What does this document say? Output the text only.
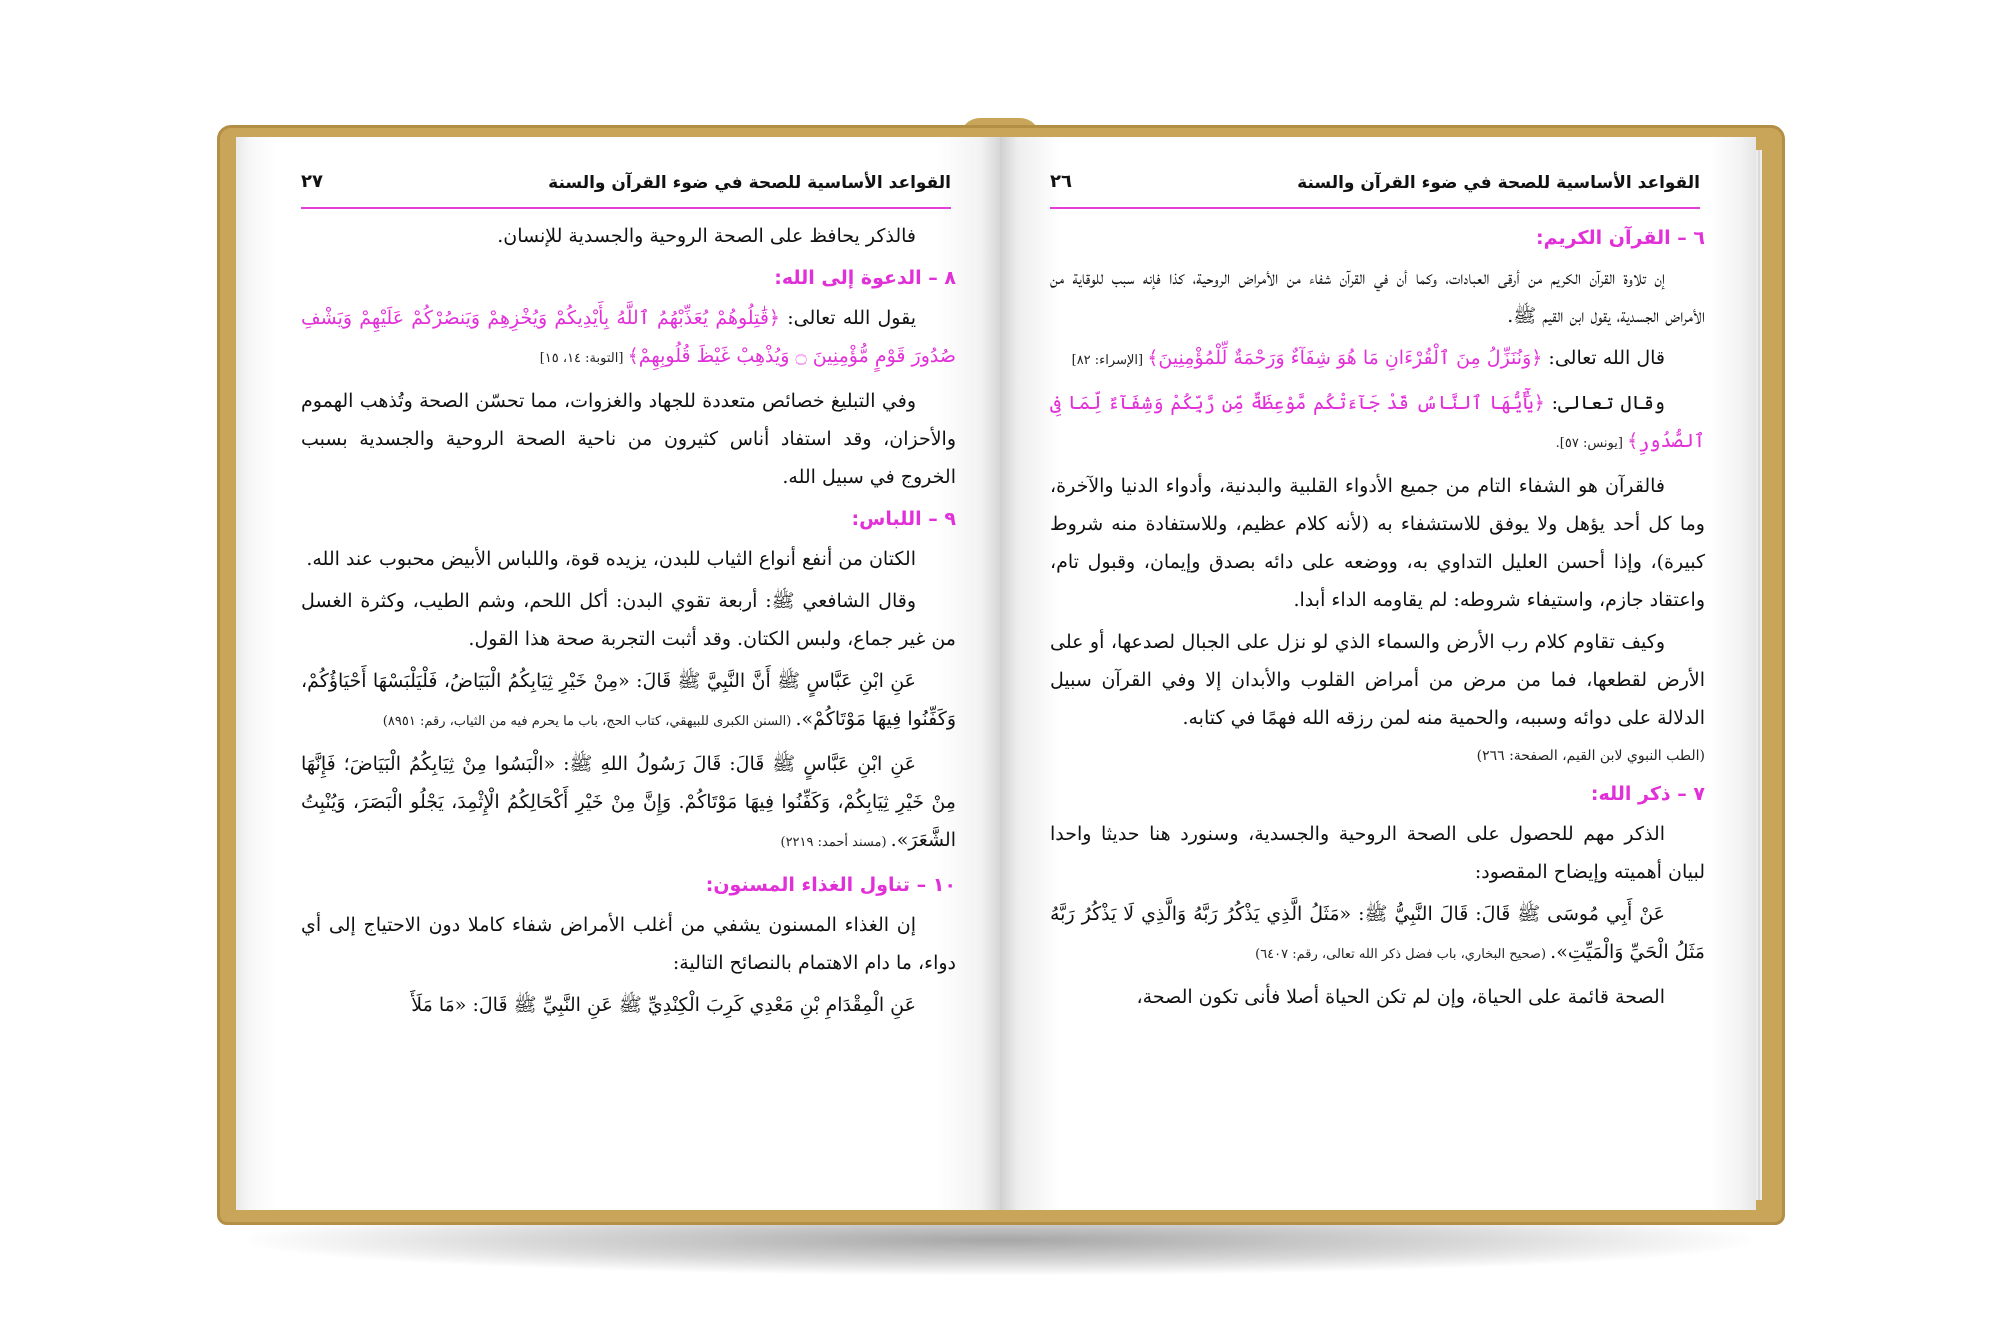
القواعد الأساسية للصحة في ضوء القرآن والسنة
٢٧

فالذكر يحافظ على الصحة الروحية والجسدية للإنسان.

٨ – الدعوة إلى الله:

يقول الله تعالى: ﴿قَٰتِلُوهُمْ يُعَذِّبْهُمُ ٱللَّهُ بِأَيْدِيكُمْ وَيُخْزِهِمْ وَيَنصُرْكُمْ عَلَيْهِمْ وَيَشْفِ صُدُورَ قَوْمٍ مُّؤْمِنِينَ ۝ وَيُذْهِبْ غَيْظَ قُلُوبِهِمْ﴾ [التوبة: ١٤، ١٥]

وفي التبليغ خصائص متعددة للجهاد والغزوات، مما تحسّن الصحة وتُذهب الهموم والأحزان، وقد استفاد أناس كثيرون من ناحية الصحة الروحية والجسدية بسبب الخروج في سبيل الله.

٩ – اللباس:

الكتان من أنفع أنواع الثياب للبدن، يزيده قوة، واللباس الأبيض محبوب عند الله.

وقال الشافعي ﷺ: أربعة تقوي البدن: أكل اللحم، وشم الطيب، وكثرة الغسل من غير جماع، ولبس الكتان. وقد أثبت التجربة صحة هذا القول.

عَنِ ابْنِ عَبَّاسٍ ﷺ أَنَّ النَّبِيَّ ﷺ قَالَ: «مِنْ خَيْرِ ثِيَابِكُمُ الْبَيَاضُ، فَلْيَلْبَسْهَا أَحْيَاؤُكُمْ، وَكَفِّنُوا فِيهَا مَوْتَاكُمْ». (السنن الكبرى للبيهقي، كتاب الحج، باب ما يحرم فيه من الثياب، رقم: ٨٩٥١)

عَنِ ابْنِ عَبَّاسٍ ﷺ قَالَ: قَالَ رَسُولُ اللهِ ﷺ: «الْبَسُوا مِنْ ثِيَابِكُمُ الْبَيَاضَ؛ فَإِنَّهَا مِنْ خَيْرِ ثِيَابِكُمْ، وَكَفِّنُوا فِيهَا مَوْتَاكُمْ. وَإِنَّ مِنْ خَيْرِ أَكْحَالِكُمُ الْإِثْمِدَ، يَجْلُو الْبَصَرَ، وَيُنْبِتُ الشَّعَرَ». (مسند أحمد: ٢٢١٩)

١٠ – تناول الغذاء المسنون:

إن الغذاء المسنون يشفي من أغلب الأمراض شفاء كاملا دون الاحتياج إلى أي دواء، ما دام الاهتمام بالنصائح التالية:

عَنِ الْمِقْدَامِ بْنِ مَعْدِي كَرِبَ الْكِنْدِيِّ ﷺ عَنِ النَّبِيِّ ﷺ قَالَ: «مَا مَلَأَ

القواعد الأساسية للصحة في ضوء القرآن والسنة
٢٦

٦ – القرآن الكريم:

إن تلاوة القرآن الكريم من أرقى العبادات، وكما أن في القرآن شفاء من الأمراض الروحية، كذا فإنه سبب للوقاية من الأمراض الجسدية، يقول ابن القيم ﷺ.

قال الله تعالى: ﴿وَنُنَزِّلُ مِنَ ٱلْقُرْءَانِ مَا هُوَ شِفَآءٌ وَرَحْمَةٌ لِّلْمُؤْمِنِينَ﴾ [الإسراء: ٨٢]

وقال تعالى: ﴿يَٰٓأَيُّهَا ٱلنَّاسُ قَدْ جَآءَتْكُم مَّوْعِظَةٌ مِّن رَّبِّكُمْ وَشِفَآءٌ لِّمَا فِى ٱلصُّدُورِ﴾ [يونس: ٥٧].

فالقرآن هو الشفاء التام من جميع الأدواء القلبية والبدنية، وأدواء الدنيا والآخرة، وما كل أحد يؤهل ولا يوفق للاستشفاء به (لأنه كلام عظيم، وللاستفادة منه شروط كبيرة)، وإذا أحسن العليل التداوي به، ووضعه على دائه بصدق وإيمان، وقبول تام، واعتقاد جازم، واستيفاء شروطه: لم يقاومه الداء أبدا.

وكيف تقاوم كلام رب الأرض والسماء الذي لو نزل على الجبال لصدعها، أو على الأرض لقطعها، فما من مرض من أمراض القلوب والأبدان إلا وفي القرآن سبيل الدلالة على دوائه وسببه، والحمية منه لمن رزقه الله فهمًا في كتابه.

(الطب النبوي لابن القيم، الصفحة: ٢٦٦)

٧ – ذكر الله:

الذكر مهم للحصول على الصحة الروحية والجسدية، وسنورد هنا حديثا واحدا لبيان أهميته وإيضاح المقصود:

عَنْ أَبِي مُوسَى ﷺ قَالَ: قَالَ النَّبِيُّ ﷺ: «مَثَلُ الَّذِي يَذْكُرُ رَبَّهُ وَالَّذِي لَا يَذْكُرُ رَبَّهُ مَثَلُ الْحَيِّ وَالْمَيِّتِ». (صحيح البخاري، باب فضل ذكر الله تعالى، رقم: ٦٤٠٧)

الصحة قائمة على الحياة، وإن لم تكن الحياة أصلا فأنى تكون الصحة،
